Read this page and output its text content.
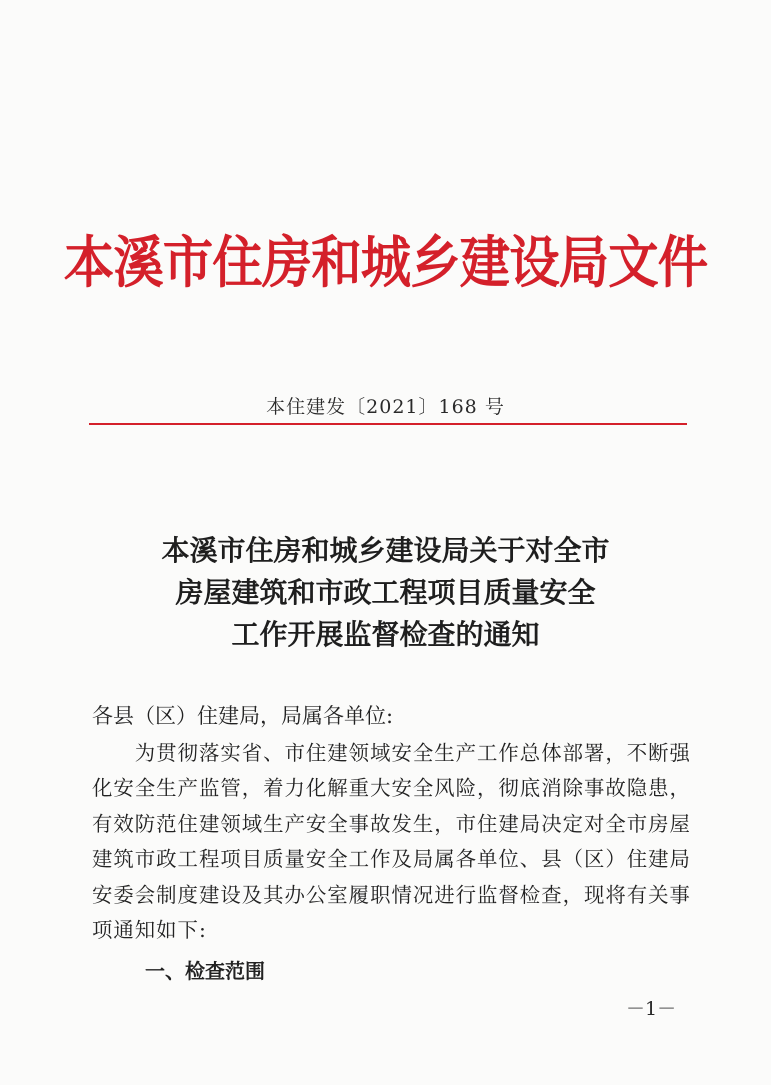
本溪市住房和城乡建设局文件
本住建发〔2021〕168 号
本溪市住房和城乡建设局关于对全市
房屋建筑和市政工程项目质量安全
工作开展监督检查的通知
各县（区）住建局，局属各单位:
　　为贯彻落实省、市住建领域安全生产工作总体部署，不断强
化安全生产监管，着力化解重大安全风险，彻底消除事故隐患，
有效防范住建领域生产安全事故发生，市住建局决定对全市房屋
建筑市政工程项目质量安全工作及局属各单位、县（区）住建局
安委会制度建设及其办公室履职情况进行监督检查，现将有关事
项通知如下:
一、检查范围
－1－
